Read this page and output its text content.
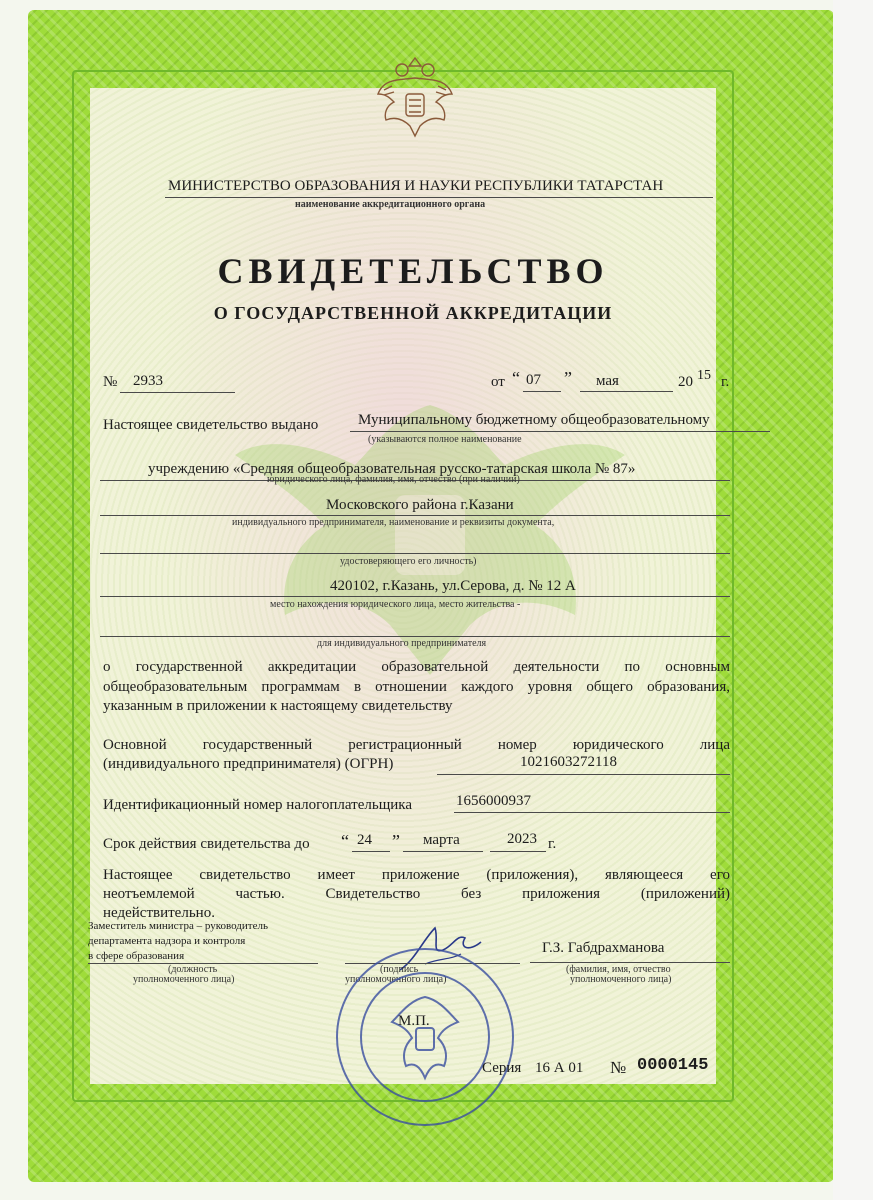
МИНИСТЕРСТВО ОБРАЗОВАНИЯ И НАУКИ РЕСПУБЛИКИ ТАТАРСТАН
наименование аккредитационного органа
СВИДЕТЕЛЬСТВО
О ГОСУДАРСТВЕННОЙ АККРЕДИТАЦИИ
№ 2933	от “ 07 ” мая	20 15 г.
Настоящее свидетельство выдано	Муниципальному бюджетному общеобразовательному
(указываются полное наименование
учреждению «Средняя общеобразовательная русско-татарская школа № 87»
юридического лица, фамилия, имя, отчество (при наличии)
Московского района г.Казани
индивидуального предпринимателя, наименование и реквизиты документа,
удостоверяющего его личность)
420102, г.Казань, ул.Серова, д. № 12 А
место нахождения юридического лица, место жительства -
для индивидуального предпринимателя
о государственной аккредитации образовательной деятельности по основным
общеобразовательным программам в отношении каждого уровня общего образования,
указанным в приложении к настоящему свидетельству
Основной государственный регистрационный номер юридического лица
(индивидуального предпринимателя) (ОГРН)	1021603272118
Идентификационный номер налогоплательщика	1656000937
Срок действия свидетельства до “ 24 ” марта	2023 г.
Настоящее свидетельство имеет приложение (приложения), являющееся его
неотъемлемой частью. Свидетельство без приложения (приложений)
недействительно.
Заместитель министра – руководитель
департамента надзора и контроля
в сфере образования
(должность
уполномоченного лица)
(подпись
уполномоченного лица)
Г.З. Габдрахманова
(фамилия, имя, отчество
уполномоченного лица)
М.П.
Серия 16 А 01 № 0000145
